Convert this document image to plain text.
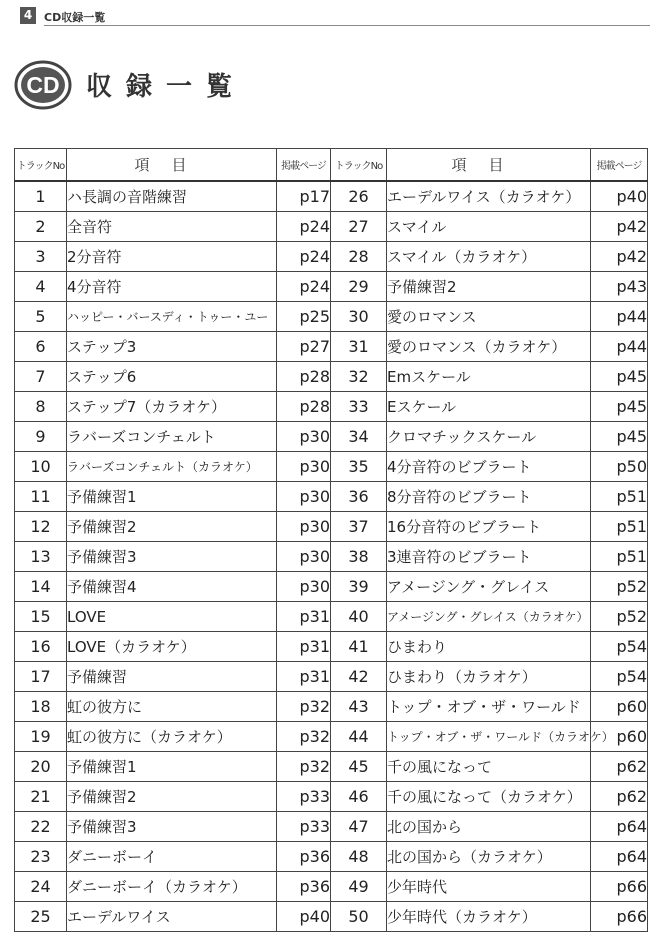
4	CD収録一覧
CD 収録一覧
トラックNo	項目	掲載ページ	トラックNo	項目	掲載ページ
1	ハ長調の音階練習	p17	26	エーデルワイス（カラオケ）	p40
2	全音符	p24	27	スマイル	p42
3	2分音符	p24	28	スマイル（カラオケ）	p42
4	4分音符	p24	29	予備練習2	p43
5	ハッピー・バースディ・トゥー・ユー	p25	30	愛のロマンス	p44
6	ステップ3	p27	31	愛のロマンス（カラオケ）	p44
7	ステップ6	p28	32	Emスケール	p45
8	ステップ7（カラオケ）	p28	33	Eスケール	p45
9	ラバーズコンチェルト	p30	34	クロマチックスケール	p45
10	ラバーズコンチェルト（カラオケ）	p30	35	4分音符のビブラート	p50
11	予備練習1	p30	36	8分音符のビブラート	p51
12	予備練習2	p30	37	16分音符のビブラート	p51
13	予備練習3	p30	38	3連音符のビブラート	p51
14	予備練習4	p30	39	アメージング・グレイス	p52
15	LOVE	p31	40	アメージング・グレイス（カラオケ）	p52
16	LOVE（カラオケ）	p31	41	ひまわり	p54
17	予備練習	p31	42	ひまわり（カラオケ）	p54
18	虹の彼方に	p32	43	トップ・オブ・ザ・ワールド	p60
19	虹の彼方に（カラオケ）	p32	44	トップ・オブ・ザ・ワールド（カラオケ）	p60
20	予備練習1	p32	45	千の風になって	p62
21	予備練習2	p33	46	千の風になって（カラオケ）	p62
22	予備練習3	p33	47	北の国から	p64
23	ダニーボーイ	p36	48	北の国から（カラオケ）	p64
24	ダニーボーイ（カラオケ）	p36	49	少年時代	p66
25	エーデルワイス	p40	50	少年時代（カラオケ）	p66
